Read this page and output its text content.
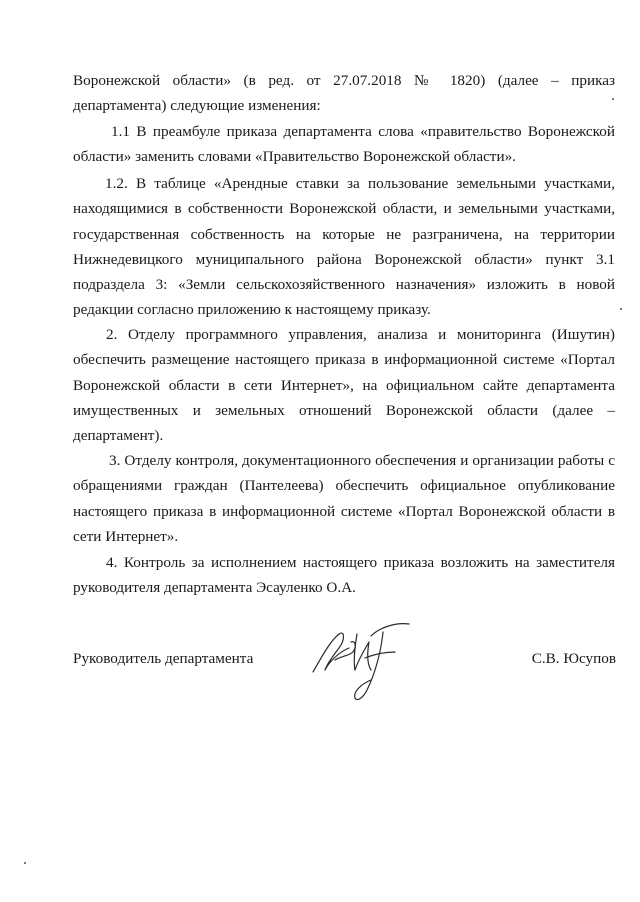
Воронежской области» (в ред. от 27.07.2018 № 1820) (далее – приказ департамента) следующие изменения:

1.1 В преамбуле приказа департамента слова «правительство Воронежской области» заменить словами «Правительство Воронежской области».

1.2. В таблице «Арендные ставки за пользование земельными участками, находящимися в собственности Воронежской области, и земельными участками, государственная собственность на которые не разграничена, на территории Нижнедевицкого муниципального района Воронежской области» пункт 3.1 подраздела 3: «Земли сельскохозяйственного назначения» изложить в новой редакции согласно приложению к настоящему приказу.

2. Отделу программного управления, анализа и мониторинга (Ишутин) обеспечить размещение настоящего приказа в информационной системе «Портал Воронежской области в сети Интернет», на официальном сайте департамента имущественных и земельных отношений Воронежской области (далее – департамент).

3. Отделу контроля, документационного обеспечения и организации работы с обращениями граждан (Пантелеева) обеспечить официальное опубликование настоящего приказа в информационной системе «Портал Воронежской области в сети Интернет».

4. Контроль за исполнением настоящего приказа возложить на заместителя руководителя департамента Эсауленко О.А.

Руководитель департамента	С.В. Юсупов
